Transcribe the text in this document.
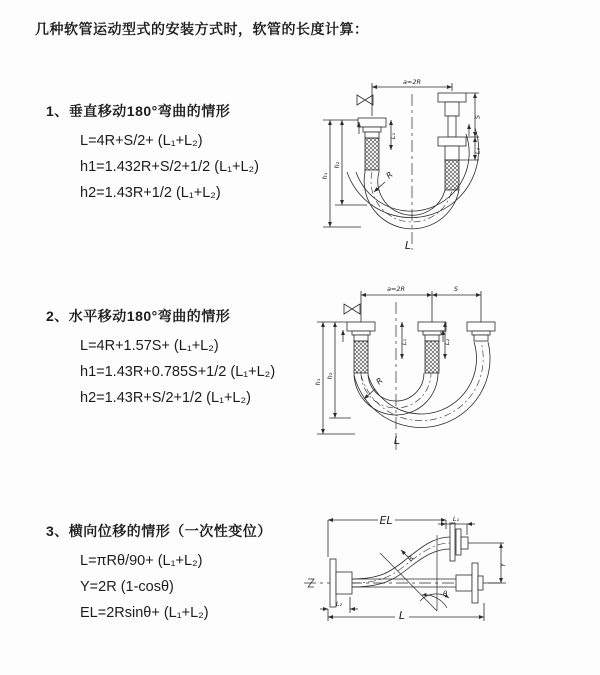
几种软管运动型式的安装方式时，软管的长度计算：
1、垂直移动180°弯曲的情形

L=4R+S/2+ (L₁+L₂)

h1=1.432R+S/2+1/2 (L₁+L₂)

h2=1.43R+1/2 (L₁+L₂)

2、水平移动180°弯曲的情形

L=4R+1.57S+ (L₁+L₂)

h1=1.43R+0.785S+1/2 (L₁+L₂)

h2=1.43R+S/2+1/2 (L₁+L₂)

3、横向位移的情形（一次性变位）

L=πRθ/90+ (L₁+L₂)

Y=2R (1-cosθ)

EL=2Rsinθ+ (L₁+L₂)

a=2R
S
L₂
L₁
h₁
h₂
R
L
a=2R	S
h₁
h₂
L₁	L₂
R
L
EL	L₁
Y
L
L₂
R
θ
